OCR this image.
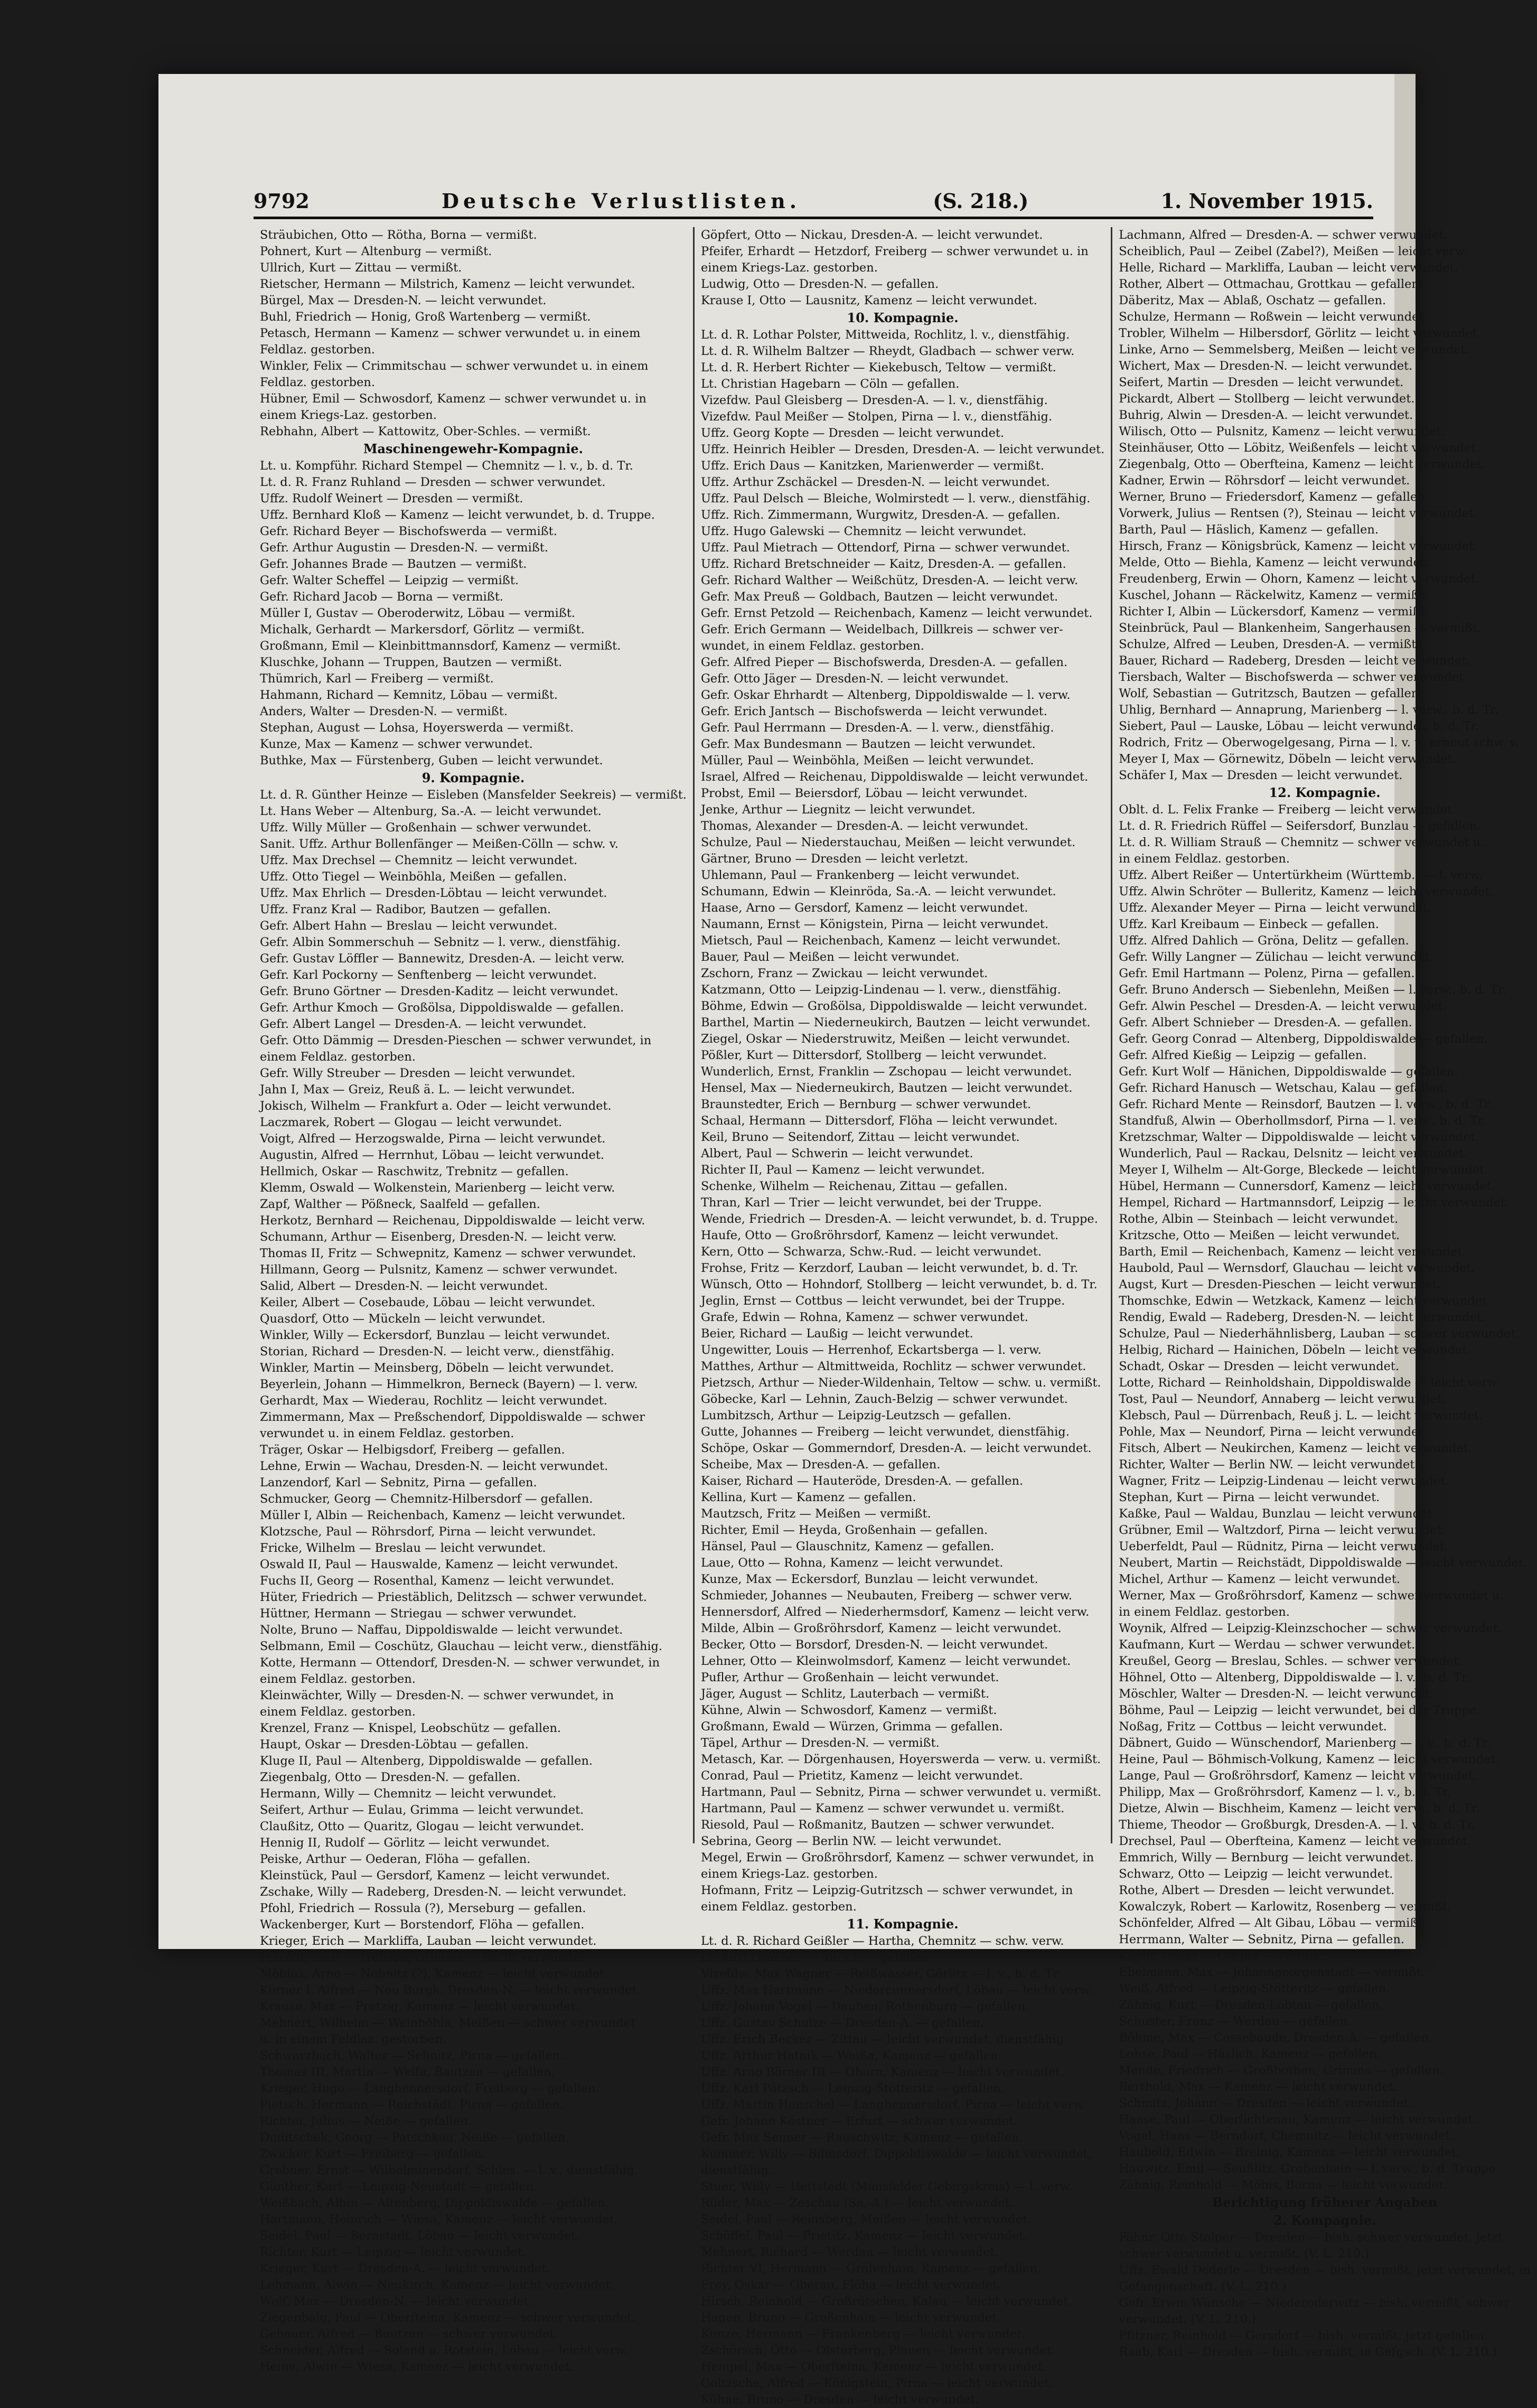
9792	Deutsche Verlustlisten.	(S. 218.)	1. November 1915.
Sträubichen, Otto — Rötha, Borna — vermißt.
Pohnert, Kurt — Altenburg — vermißt.
Ullrich, Kurt — Zittau — vermißt.
Rietscher, Hermann — Milstrich, Kamenz — leicht verwundet.
Bürgel, Max — Dresden-N. — leicht verwundet.
Buhl, Friedrich — Honig, Groß Wartenberg — vermißt.
Petasch, Hermann — Kamenz — schwer verwundet u. in einem
Feldlaz. gestorben.
Winkler, Felix — Crimmitschau — schwer verwundet u. in einem
Feldlaz. gestorben.
Hübner, Emil — Schwosdorf, Kamenz — schwer verwundet u. in
einem Kriegs-Laz. gestorben.
Rebhahn, Albert — Kattowitz, Ober-Schles. — vermißt.
Maschinengewehr-Kompagnie.
Lt. u. Kompführ. Richard Stempel — Chemnitz — l. v., b. d. Tr.
Lt. d. R. Franz Ruhland — Dresden — schwer verwundet.
Uffz. Rudolf Weinert — Dresden — vermißt.
Uffz. Bernhard Kloß — Kamenz — leicht verwundet, b. d. Truppe.
Gefr. Richard Beyer — Bischofswerda — vermißt.
Gefr. Arthur Augustin — Dresden-N. — vermißt.
Gefr. Johannes Brade — Bautzen — vermißt.
Gefr. Walter Scheffel — Leipzig — vermißt.
Gefr. Richard Jacob — Borna — vermißt.
Müller I, Gustav — Oberoderwitz, Löbau — vermißt.
Michalk, Gerhardt — Markersdorf, Görlitz — vermißt.
Großmann, Emil — Kleinbittmannsdorf, Kamenz — vermißt.
Kluschke, Johann — Truppen, Bautzen — vermißt.
Thümrich, Karl — Freiberg — vermißt.
Hahmann, Richard — Kemnitz, Löbau — vermißt.
Anders, Walter — Dresden-N. — vermißt.
Stephan, August — Lohsa, Hoyerswerda — vermißt.
Kunze, Max — Kamenz — schwer verwundet.
Buthke, Max — Fürstenberg, Guben — leicht verwundet.
9. Kompagnie.
Lt. d. R. Günther Heinze — Eisleben (Mansfelder Seekreis) — vermißt.
Lt. Hans Weber — Altenburg, Sa.-A. — leicht verwundet.
Uffz. Willy Müller — Großenhain — schwer verwundet.
Sanit. Uffz. Arthur Bollenfänger — Meißen-Cölln — schw. v.
Uffz. Max Drechsel — Chemnitz — leicht verwundet.
Uffz. Otto Tiegel — Weinböhla, Meißen — gefallen.
Uffz. Max Ehrlich — Dresden-Löbtau — leicht verwundet.
Uffz. Franz Kral — Radibor, Bautzen — gefallen.
Gefr. Albert Hahn — Breslau — leicht verwundet.
Gefr. Albin Sommerschuh — Sebnitz — l. verw., dienstfähig.
Gefr. Gustav Löffler — Bannewitz, Dresden-A. — leicht verw.
Gefr. Karl Pockorny — Senftenberg — leicht verwundet.
Gefr. Bruno Görtner — Dresden-Kaditz — leicht verwundet.
Gefr. Arthur Kmoch — Großölsa, Dippoldiswalde — gefallen.
Gefr. Albert Langel — Dresden-A. — leicht verwundet.
Gefr. Otto Dämmig — Dresden-Pieschen — schwer verwundet, in
einem Feldlaz. gestorben.
Gefr. Willy Streuber — Dresden — leicht verwundet.
Jahn I, Max — Greiz, Reuß ä. L. — leicht verwundet.
Jokisch, Wilhelm — Frankfurt a. Oder — leicht verwundet.
Laczmarek, Robert — Glogau — leicht verwundet.
Voigt, Alfred — Herzogswalde, Pirna — leicht verwundet.
Augustin, Alfred — Herrnhut, Löbau — leicht verwundet.
Hellmich, Oskar — Raschwitz, Trebnitz — gefallen.
Klemm, Oswald — Wolkenstein, Marienberg — leicht verw.
Zapf, Walther — Pößneck, Saalfeld — gefallen.
Herkotz, Bernhard — Reichenau, Dippoldiswalde — leicht verw.
Schumann, Arthur — Eisenberg, Dresden-N. — leicht verw.
Thomas II, Fritz — Schwepnitz, Kamenz — schwer verwundet.
Hillmann, Georg — Pulsnitz, Kamenz — schwer verwundet.
Salid, Albert — Dresden-N. — leicht verwundet.
Keiler, Albert — Cosebaude, Löbau — leicht verwundet.
Quasdorf, Otto — Mückeln — leicht verwundet.
Winkler, Willy — Eckersdorf, Bunzlau — leicht verwundet.
Storian, Richard — Dresden-N. — leicht verw., dienstfähig.
Winkler, Martin — Meinsberg, Döbeln — leicht verwundet.
Beyerlein, Johann — Himmelkron, Berneck (Bayern) — l. verw.
Gerhardt, Max — Wiederau, Rochlitz — leicht verwundet.
Zimmermann, Max — Preßschendorf, Dippoldiswalde — schwer
verwundet u. in einem Feldlaz. gestorben.
Träger, Oskar — Helbigsdorf, Freiberg — gefallen.
Lehne, Erwin — Wachau, Dresden-N. — leicht verwundet.
Lanzendorf, Karl — Sebnitz, Pirna — gefallen.
Schmucker, Georg — Chemnitz-Hilbersdorf — gefallen.
Müller I, Albin — Reichenbach, Kamenz — leicht verwundet.
Klotzsche, Paul — Röhrsdorf, Pirna — leicht verwundet.
Fricke, Wilhelm — Breslau — leicht verwundet.
Oswald II, Paul — Hauswalde, Kamenz — leicht verwundet.
Fuchs II, Georg — Rosenthal, Kamenz — leicht verwundet.
Hüter, Friedrich — Priestäblich, Delitzsch — schwer verwundet.
Hüttner, Hermann — Striegau — schwer verwundet.
Nolte, Bruno — Naffau, Dippoldiswalde — leicht verwundet.
Selbmann, Emil — Coschütz, Glauchau — leicht verw., dienstfähig.
Kotte, Hermann — Ottendorf, Dresden-N. — schwer verwundet, in
einem Feldlaz. gestorben.
Kleinwächter, Willy — Dresden-N. — schwer verwundet, in
einem Feldlaz. gestorben.
Krenzel, Franz — Knispel, Leobschütz — gefallen.
Haupt, Oskar — Dresden-Löbtau — gefallen.
Kluge II, Paul — Altenberg, Dippoldiswalde — gefallen.
Ziegenbalg, Otto — Dresden-N. — gefallen.
Hermann, Willy — Chemnitz — leicht verwundet.
Seifert, Arthur — Eulau, Grimma — leicht verwundet.
Claußitz, Otto — Quaritz, Glogau — leicht verwundet.
Hennig II, Rudolf — Görlitz — leicht verwundet.
Peiske, Arthur — Oederan, Flöha — gefallen.
Kleinstück, Paul — Gersdorf, Kamenz — leicht verwundet.
Zschake, Willy — Radeberg, Dresden-N. — leicht verwundet.
Pfohl, Friedrich — Rossula (?), Merseburg — gefallen.
Wackenberger, Kurt — Borstendorf, Flöha — gefallen.
Krieger, Erich — Markliffa, Lauban — leicht verwundet.
Petzold, Emil — Trebsen, Grimma — leicht verwundet.
Möbius, Arno — Nebnitz (?), Kamenz — leicht verwundet.
Körner I, Alfred — Neu Burgk, Dresden-N. — leicht verwundet.
Krause, Max — Pretzig, Kamenz — leicht verwundet.
Mehnert, Wilhelm — Weinböhla, Meißen — schwer verwundet
u. in einem Feldlaz. gestorben.
Schwarzbach, Walter — Sebnitz, Pirna — gefallen.
Thomas III, Martin — Weifa, Bautzen — gefallen.
Krieger, Hugo — Langhennersdorf, Freiberg — gefallen.
Pietsch, Hermann — Reichstädt, Pirna — gefallen.
Richter, Julius — Neiße — gefallen.
Duditschek, Georg — Patschkau, Neiße — gefallen.
Zwicker, Kurt — Freiberg — gefallen.
Grebner, Ernst — Wilhelminendorf, Schles. — l. v., dienstfähig.
Günther, Kurt — Leipzig-Neustadt — gefallen.
Weißbach, Albin — Altenberg, Dippoldiswalde — gefallen.
Hartmann, Heinrich — Wiesa, Kamenz — leicht verwundet.
Seidel, Paul — Bernstadt, Löbau — leicht verwundet.
Richter, Kurt — Leipzig — leicht verwundet.
Krieger, Kurt — Dresden-A. — leicht verwundet.
Lehmann, Alwin — Neukirch, Kamenz — leicht verwundet.
Wolf, Max — Dresden-N. — leicht verwundet.
Ziegenbalg, Paul — Oberfteina, Kamenz — schwer verwundet.
Gebauer, Alfred — Bautzen — schwer verwundet.
Schneider, Alfred — Soland a. Rotstein, Löbau — leicht verw.
Heine, Alwin — Wiesa, Kamenz — leicht verwundet.
Göpfert, Otto — Nickau, Dresden-A. — leicht verwundet.
Pfeifer, Erhardt — Hetzdorf, Freiberg — schwer verwundet u. in
einem Kriegs-Laz. gestorben.
Ludwig, Otto — Dresden-N. — gefallen.
Krause I, Otto — Lausnitz, Kamenz — leicht verwundet.
10. Kompagnie.
Lt. d. R. Lothar Polster, Mittweida, Rochlitz, l. v., dienstfähig.
Lt. d. R. Wilhelm Baltzer — Rheydt, Gladbach — schwer verw.
Lt. d. R. Herbert Richter — Kiekebusch, Teltow — vermißt.
Lt. Christian Hagebarn — Cöln — gefallen.
Vizefdw. Paul Gleisberg — Dresden-A. — l. v., dienstfähig.
Vizefdw. Paul Meißer — Stolpen, Pirna — l. v., dienstfähig.
Uffz. Georg Kopte — Dresden — leicht verwundet.
Uffz. Heinrich Heibler — Dresden, Dresden-A. — leicht verwundet.
Uffz. Erich Daus — Kanitzken, Marienwerder — vermißt.
Uffz. Arthur Zschäckel — Dresden-N. — leicht verwundet.
Uffz. Paul Delsch — Bleiche, Wolmirstedt — l. verw., dienstfähig.
Uffz. Rich. Zimmermann, Wurgwitz, Dresden-A. — gefallen.
Uffz. Hugo Galewski — Chemnitz — leicht verwundet.
Uffz. Paul Mietrach — Ottendorf, Pirna — schwer verwundet.
Uffz. Richard Bretschneider — Kaitz, Dresden-A. — gefallen.
Gefr. Richard Walther — Weißchütz, Dresden-A. — leicht verw.
Gefr. Max Preuß — Goldbach, Bautzen — leicht verwundet.
Gefr. Ernst Petzold — Reichenbach, Kamenz — leicht verwundet.
Gefr. Erich Germann — Weidelbach, Dillkreis — schwer ver-
wundet, in einem Feldlaz. gestorben.
Gefr. Alfred Pieper — Bischofswerda, Dresden-A. — gefallen.
Gefr. Otto Jäger — Dresden-N. — leicht verwundet.
Gefr. Oskar Ehrhardt — Altenberg, Dippoldiswalde — l. verw.
Gefr. Erich Jantsch — Bischofswerda — leicht verwundet.
Gefr. Paul Herrmann — Dresden-A. — l. verw., dienstfähig.
Gefr. Max Bundesmann — Bautzen — leicht verwundet.
Müller, Paul — Weinböhla, Meißen — leicht verwundet.
Israel, Alfred — Reichenau, Dippoldiswalde — leicht verwundet.
Probst, Emil — Beiersdorf, Löbau — leicht verwundet.
Jenke, Arthur — Liegnitz — leicht verwundet.
Thomas, Alexander — Dresden-A. — leicht verwundet.
Schulze, Paul — Niederstauchau, Meißen — leicht verwundet.
Gärtner, Bruno — Dresden — leicht verletzt.
Uhlemann, Paul — Frankenberg — leicht verwundet.
Schumann, Edwin — Kleinröda, Sa.-A. — leicht verwundet.
Haase, Arno — Gersdorf, Kamenz — leicht verwundet.
Naumann, Ernst — Königstein, Pirna — leicht verwundet.
Mietsch, Paul — Reichenbach, Kamenz — leicht verwundet.
Bauer, Paul — Meißen — leicht verwundet.
Zschorn, Franz — Zwickau — leicht verwundet.
Katzmann, Otto — Leipzig-Lindenau — l. verw., dienstfähig.
Böhme, Edwin — Großölsa, Dippoldiswalde — leicht verwundet.
Barthel, Martin — Niederneukirch, Bautzen — leicht verwundet.
Ziegel, Oskar — Niederstruwitz, Meißen — leicht verwundet.
Pößler, Kurt — Dittersdorf, Stollberg — leicht verwundet.
Wunderlich, Ernst, Franklin — Zschopau — leicht verwundet.
Hensel, Max — Niederneukirch, Bautzen — leicht verwundet.
Braunstedter, Erich — Bernburg — schwer verwundet.
Schaal, Hermann — Dittersdorf, Flöha — leicht verwundet.
Keil, Bruno — Seitendorf, Zittau — leicht verwundet.
Albert, Paul — Schwerin — leicht verwundet.
Richter II, Paul — Kamenz — leicht verwundet.
Schenke, Wilhelm — Reichenau, Zittau — gefallen.
Thran, Karl — Trier — leicht verwundet, bei der Truppe.
Wende, Friedrich — Dresden-A. — leicht verwundet, b. d. Truppe.
Haufe, Otto — Großröhrsdorf, Kamenz — leicht verwundet.
Kern, Otto — Schwarza, Schw.-Rud. — leicht verwundet.
Frohse, Fritz — Kerzdorf, Lauban — leicht verwundet, b. d. Tr.
Wünsch, Otto — Hohndorf, Stollberg — leicht verwundet, b. d. Tr.
Jeglin, Ernst — Cottbus — leicht verwundet, bei der Truppe.
Grafe, Edwin — Rohna, Kamenz — schwer verwundet.
Beier, Richard — Laußig — leicht verwundet.
Ungewitter, Louis — Herrenhof, Eckartsberga — l. verw.
Matthes, Arthur — Altmittweida, Rochlitz — schwer verwundet.
Pietzsch, Arthur — Nieder-Wildenhain, Teltow — schw. u. vermißt.
Göbecke, Karl — Lehnin, Zauch-Belzig — schwer verwundet.
Lumbitzsch, Arthur — Leipzig-Leutzsch — gefallen.
Gutte, Johannes — Freiberg — leicht verwundet, dienstfähig.
Schöpe, Oskar — Gommerndorf, Dresden-A. — leicht verwundet.
Scheibe, Max — Dresden-A. — gefallen.
Kaiser, Richard — Hauteröde, Dresden-A. — gefallen.
Kellina, Kurt — Kamenz — gefallen.
Mautzsch, Fritz — Meißen — vermißt.
Richter, Emil — Heyda, Großenhain — gefallen.
Hänsel, Paul — Glauschnitz, Kamenz — gefallen.
Laue, Otto — Rohna, Kamenz — leicht verwundet.
Kunze, Max — Eckersdorf, Bunzlau — leicht verwundet.
Schmieder, Johannes — Neubauten, Freiberg — schwer verw.
Hennersdorf, Alfred — Niederhermsdorf, Kamenz — leicht verw.
Milde, Albin — Großröhrsdorf, Kamenz — leicht verwundet.
Becker, Otto — Borsdorf, Dresden-N. — leicht verwundet.
Lehner, Otto — Kleinwolmsdorf, Kamenz — leicht verwundet.
Pufler, Arthur — Großenhain — leicht verwundet.
Jäger, August — Schlitz, Lauterbach — vermißt.
Kühne, Alwin — Schwosdorf, Kamenz — vermißt.
Großmann, Ewald — Würzen, Grimma — gefallen.
Täpel, Arthur — Dresden-N. — vermißt.
Metasch, Kar. — Dörgenhausen, Hoyerswerda — verw. u. vermißt.
Conrad, Paul — Prietitz, Kamenz — leicht verwundet.
Hartmann, Paul — Sebnitz, Pirna — schwer verwundet u. vermißt.
Hartmann, Paul — Kamenz — schwer verwundet u. vermißt.
Riesold, Paul — Roßmanitz, Bautzen — schwer verwundet.
Sebrina, Georg — Berlin NW. — leicht verwundet.
Megel, Erwin — Großröhrsdorf, Kamenz — schwer verwundet, in
einem Kriegs-Laz. gestorben.
Hofmann, Fritz — Leipzig-Gutritzsch — schwer verwundet, in
einem Feldlaz. gestorben.
11. Kompagnie.
Lt. d. R. Richard Geißler — Hartha, Chemnitz — schw. verw.
Lt. Kurt Graeber — Aurich — gefallen.
Vizefdw. Max Wagner — Reißwasser, Görlitz — l. v., b. d. Tr.
Uffz. Max Hartmann — Niedercunnersdorf, Löbau — leicht verw.
Uffz. Johann Vogel — Dauban, Rothenburg — gefallen.
Uffz. Gustav Schulze — Dresden-A. — gefallen.
Uffz. Erich Becker — Zittau — leicht verwundet, dienstfähig.
Uffz. Arthur Hatnik — Weißa, Kamenz — gefallen.
Uffz. Arno Börner III — Ohorn, Kamenz — leicht verwundet.
Uffz. Karl Pötzsch — Leipzig-Stötteritz — gefallen.
Uffz. Martin Henschel — Langhennersdorf, Pirna — leicht verw.
Gefr. Johann Köstner — Erfurt — schwer verwundet.
Gefr. Max Senner — Rauschwitz, Kamenz — gefallen.
Kummer, Willy — Bilmsdorf, Dippoldiswalde — leicht verwundet,
dienstfähig.
Stuer, Willy — Hettstedt (Mansfelder Gebirgskreis) — l. verw.
Rüder, Max — Zeschau (Sa.-A.) — leicht verwundet.
Seidel, Paul — Reinsberg, Meißen — leicht verwundet.
Schöffel, Paul — Prietitz, Kamenz — leicht verwundet.
Mehnert, Richard — Werdau — leicht verwundet.
Richter VI, Hermann — Gräfenhain, Kamenz — gefallen.
Frey, Oskar — Oberau, Flöha — leicht verwundet.
Hirsch, Reinhold — Großrötschen, Kalau — leicht verwundet.
Hagen, Bruno — Großenhain — leicht verwundet.
Kunze, Hermann — Frankenberg — leicht verwundet.
Zschörsch, Otto — Olsterberg, Plauen — leicht verwundet.
Hempel, Max — Oberfteina, Kamenz — leicht verwundet.
Goltzsche, Alfred — Königstein, Pirna — leicht verwundet.
Kühne, Bruno — Dresden — leicht verwundet.
Lachmann, Alfred — Dresden-A. — schwer verwundet.
Scheiblich, Paul — Zeibel (Zabel?), Meißen — leicht verw.
Helle, Richard — Markliffa, Lauban — leicht verwundet.
Rother, Albert — Ottmachau, Grottkau — gefallen.
Däberitz, Max — Ablaß, Oschatz — gefallen.
Schulze, Hermann — Roßwein — leicht verwundet.
Trobler, Wilhelm — Hilbersdorf, Görlitz — leicht verwundet.
Linke, Arno — Semmelsberg, Meißen — leicht verwundet.
Wichert, Max — Dresden-N. — leicht verwundet.
Seifert, Martin — Dresden — leicht verwundet.
Pickardt, Albert — Stollberg — leicht verwundet.
Buhrig, Alwin — Dresden-A. — leicht verwundet.
Wilisch, Otto — Pulsnitz, Kamenz — leicht verwundet.
Steinhäuser, Otto — Löbitz, Weißenfels — leicht verwundet.
Ziegenbalg, Otto — Oberfteina, Kamenz — leicht verwundet.
Kadner, Erwin — Röhrsdorf — leicht verwundet.
Werner, Bruno — Friedersdorf, Kamenz — gefallen.
Vorwerk, Julius — Rentsen (?), Steinau — leicht verwundet.
Barth, Paul — Häslich, Kamenz — gefallen.
Hirsch, Franz — Königsbrück, Kamenz — leicht verwundet.
Melde, Otto — Biehla, Kamenz — leicht verwundet.
Freudenberg, Erwin — Ohorn, Kamenz — leicht verwundet.
Kuschel, Johann — Räckelwitz, Kamenz — vermißt.
Richter I, Albin — Lückersdorf, Kamenz — vermißt.
Steinbrück, Paul — Blankenheim, Sangerhausen — vermißt.
Schulze, Alfred — Leuben, Dresden-A. — vermißt.
Bauer, Richard — Radeberg, Dresden — leicht verwundet.
Tiersbach, Walter — Bischofswerda — schwer verwundet.
Wolf, Sebastian — Gutritzsch, Bautzen — gefallen.
Uhlig, Bernhard — Annaprung, Marienberg — l. verw., b. d. Tr.
Siebert, Paul — Lauske, Löbau — leicht verwundet, b. d. Tr.
Rodrich, Fritz — Oberwogelgesang, Pirna — l. v. u. erneut schw. v.
Meyer I, Max — Görnewitz, Döbeln — leicht verwundet.
Schäfer I, Max — Dresden — leicht verwundet.
12. Kompagnie.
Oblt. d. L. Felix Franke — Freiberg — leicht verwundet.
Lt. d. R. Friedrich Rüffel — Seifersdorf, Bunzlau — gefallen.
Lt. d. R. William Strauß — Chemnitz — schwer verwundet u.
in einem Feldlaz. gestorben.
Uffz. Albert Reißer — Untertürkheim (Württemb.) — l. verw.
Uffz. Alwin Schröter — Bulleritz, Kamenz — leicht verwundet.
Uffz. Alexander Meyer — Pirna — leicht verwundet.
Uffz. Karl Kreibaum — Einbeck — gefallen.
Uffz. Alfred Dahlich — Gröna, Delitz — gefallen.
Gefr. Willy Langner — Zülichau — leicht verwundet.
Gefr. Emil Hartmann — Polenz, Pirna — gefallen.
Gefr. Bruno Andersch — Siebenlehn, Meißen — l. verw., b. d. Tr.
Gefr. Alwin Peschel — Dresden-A. — leicht verwundet.
Gefr. Albert Schnieber — Dresden-A. — gefallen.
Gefr. Georg Conrad — Altenberg, Dippoldiswalde — gefallen.
Gefr. Alfred Kießig — Leipzig — gefallen.
Gefr. Kurt Wolf — Hänichen, Dippoldiswalde — gefallen.
Gefr. Richard Hanusch — Wetschau, Kalau — gefallen.
Gefr. Richard Mente — Reinsdorf, Bautzen — l. verw., b. d. Tr.
Standfuß, Alwin — Oberhollmsdorf, Pirna — l. verw., b. d. Tr.
Kretzschmar, Walter — Dippoldiswalde — leicht verwundet.
Wunderlich, Paul — Rackau, Delsnitz — leicht verwundet.
Meyer I, Wilhelm — Alt-Gorge, Bleckede — leicht verwundet.
Hübel, Hermann — Cunnersdorf, Kamenz — leicht verwundet.
Hempel, Richard — Hartmannsdorf, Leipzig — leicht verwundet.
Rothe, Albin — Steinbach — leicht verwundet.
Kritzsche, Otto — Meißen — leicht verwundet.
Barth, Emil — Reichenbach, Kamenz — leicht verwundet.
Haubold, Paul — Wernsdorf, Glauchau — leicht verwundet.
Augst, Kurt — Dresden-Pieschen — leicht verwundet.
Thomschke, Edwin — Wetzkack, Kamenz — leicht verwundet.
Rendig, Ewald — Radeberg, Dresden-N. — leicht verwundet.
Schulze, Paul — Niederhähnlisberg, Lauban — schwer verwundet.
Helbig, Richard — Hainichen, Döbeln — leicht verwundet.
Schadt, Oskar — Dresden — leicht verwundet.
Lotte, Richard — Reinholdshain, Dippoldiswalde — leicht verw.
Tost, Paul — Neundorf, Annaberg — leicht verwundet.
Klebsch, Paul — Dürrenbach, Reuß j. L. — leicht verwundet.
Pohle, Max — Neundorf, Pirna — leicht verwundet.
Fitsch, Albert — Neukirchen, Kamenz — leicht verwundet.
Richter, Walter — Berlin NW. — leicht verwundet.
Wagner, Fritz — Leipzig-Lindenau — leicht verwundet.
Stephan, Kurt — Pirna — leicht verwundet.
Kaßke, Paul — Waldau, Bunzlau — leicht verwundet.
Grübner, Emil — Waltzdorf, Pirna — leicht verwundet.
Ueberfeldt, Paul — Rüdnitz, Pirna — leicht verwundet.
Neubert, Martin — Reichstädt, Dippoldiswalde — leicht verwundet.
Michel, Arthur — Kamenz — leicht verwundet.
Werner, Max — Großröhrsdorf, Kamenz — schwer verwundet u.
in einem Feldlaz. gestorben.
Woynik, Alfred — Leipzig-Kleinzschocher — schwer verwundet.
Kaufmann, Kurt — Werdau — schwer verwundet.
Kreußel, Georg — Breslau, Schles. — schwer verwundet.
Höhnel, Otto — Altenberg, Dippoldiswalde — l. v., b. d. Tr.
Möschler, Walter — Dresden-N. — leicht verwundet.
Böhme, Paul — Leipzig — leicht verwundet, bei der Truppe.
Noßag, Fritz — Cottbus — leicht verwundet.
Däbnert, Guido — Wünschendorf, Marienberg — l. v., b. d. Tr.
Heine, Paul — Böhmisch-Volkung, Kamenz — leicht verwundet.
Lange, Paul — Großröhrsdorf, Kamenz — leicht verwundet.
Philipp, Max — Großröhrsdorf, Kamenz — l. v., b. d. Tr.
Dietze, Alwin — Bischheim, Kamenz — leicht verw., b. d. Tr.
Thieme, Theodor — Großburgk, Dresden-A. — l. v., b. d. Tr.
Drechsel, Paul — Oberfteina, Kamenz — leicht verwundet.
Emmrich, Willy — Bernburg — leicht verwundet.
Schwarz, Otto — Leipzig — leicht verwundet.
Rothe, Albert — Dresden — leicht verwundet.
Kowalczyk, Robert — Karlowitz, Rosenberg — vermißt.
Schönfelder, Alfred — Alt Gibau, Löbau — vermißt.
Herrmann, Walter — Sebnitz, Pirna — gefallen.
Klemt, Oskar — Görlitz — vermißt.
Ebelmann, Max — Johanngeorgenstadt — vermißt.
Weiß, Alfred — Leipzig-Stötteritz — gefallen.
Zähnig, Kurt — Dresden-Löbtau — gefallen.
Schuster, Franz — Werdau — gefallen.
Böhme, Max — Cossebaude, Dresden-A. — gefallen.
Lohse, Paul — Häslich, Kamenz — gefallen.
Mende, Friedrich — Großbothen, Grimma — gefallen.
Berthold, Max — Kamenz — leicht verwundet.
Schmitz, Johann — Dresden — leicht verwundet.
Haase, Paul — Oberlichtenau, Kamenz — leicht verwundet.
Vogel, Hans — Berndorf, Chemnitz — leicht verwundet.
Haubold, Edwin — Breinig, Kamenz — leicht verwundet.
Hauwitz, Emil — Seußlitz, Großenhain — l. verw., b. d. Truppe
Zähnig, Reinhold — Möbis, Borna — leicht verwundet.
Berichtigung früherer Angaben
2. Kompagnie.
Fähnr. Otto Stolper — Dresden — bish. schwer verwundet, jetzt
schwer verwundet u. vermißt. (V. L. 210.)
Uffz. Ewald Dederle — Dresden — bish. vermißt, jetzt verwundet, in
Gefangenschaft. (V. L. 210.)
Gefr. Erwin Wünsche — Niederoderwitz — bish. vermißt, schwer
verwundet. (V. L. 210.)
Pfitzner, Reinhold — Gersdorf — bish. vermißt, jetzt gefallen.
Raab, Karl — Dresden — bish. vermißt, in Gefgsch. (V. L. 210.)
